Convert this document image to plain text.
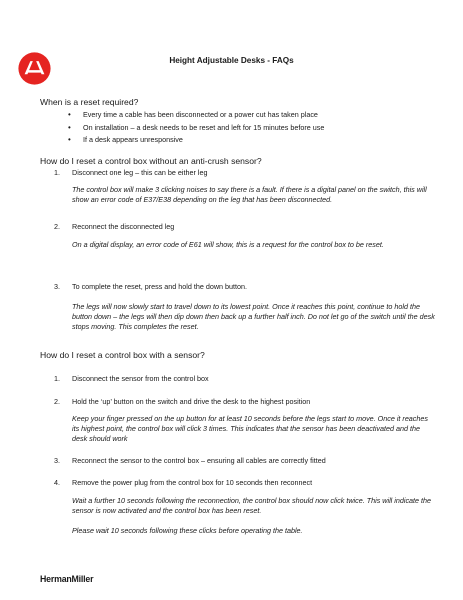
Height Adjustable Desks - FAQs
When is a reset required?
• Every time a cable has been disconnected or a power cut has taken place
• On installation – a desk needs to be reset and left for 15 minutes before use
• If a desk appears unresponsive
How do I reset a control box without an anti-crush sensor?
1. Disconnect one leg – this can be either leg
The control box will make 3 clicking noises to say there is a fault. If there is a digital panel on the switch, this will show an error code of E37/E38 depending on the leg that has been disconnected.
2. Reconnect the disconnected leg
On a digital display, an error code of E61 will show, this is a request for the control box to be reset.
3. To complete the reset, press and hold the down button.
The legs will now slowly start to travel down to its lowest point. Once it reaches this point, continue to hold the button down – the legs will then dip down then back up a further half inch. Do not let go of the switch until the desk stops moving. This completes the reset.
How do I reset a control box with a sensor?
1. Disconnect the sensor from the control box
2. Hold the ‘up’ button on the switch and drive the desk to the highest position
Keep your finger pressed on the up button for at least 10 seconds before the legs start to move. Once it reaches its highest point, the control box will click 3 times. This indicates that the sensor has been deactivated and the desk should work
3. Reconnect the sensor to the control box – ensuring all cables are correctly fitted
4. Remove the power plug from the control box for 10 seconds then reconnect
Wait a further 10 seconds following the reconnection, the control box should now click twice. This will indicate the sensor is now activated and the control box has been reset.
Please wait 10 seconds following these clicks before operating the table.
HermanMiller
